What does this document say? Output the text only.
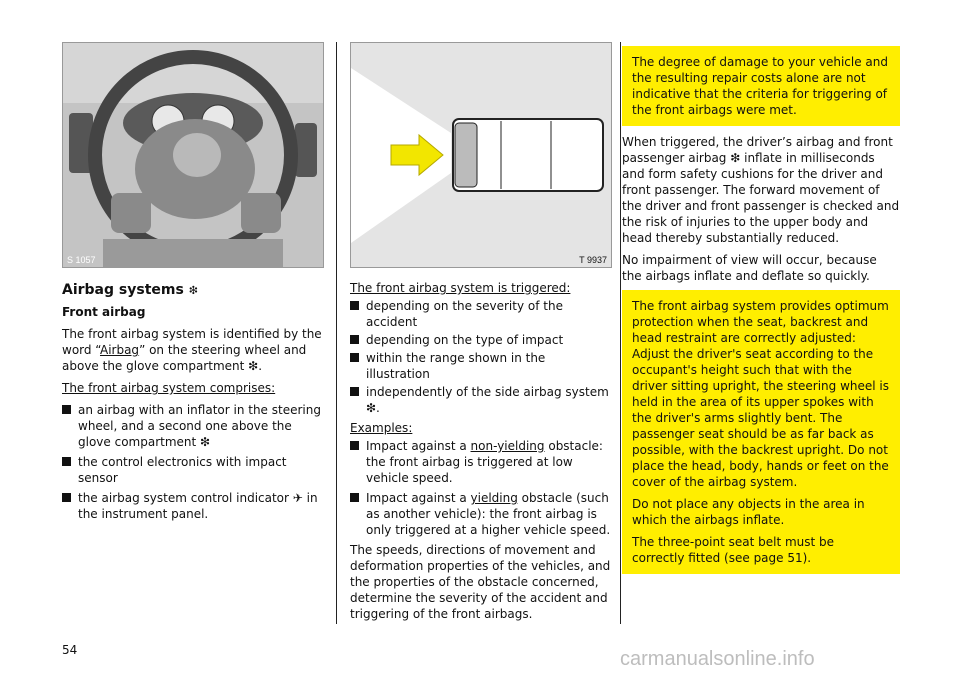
S 1057
Airbag systems ❇
Front airbag
The front airbag system is identified by the word “Airbag” on the steering wheel and above the glove compartment ❇.
The front airbag system comprises:
an airbag with an inflator in the steering wheel, and a second one above the glove compartment ❇
the control electronics with impact sensor
the airbag system control indicator ✈ in the instrument panel.
T 9937
The front airbag system is triggered:
depending on the severity of the accident
depending on the type of impact
within the range shown in the illustration
independently of the side airbag system ❇.
Examples:
Impact against a non-yielding obstacle: the front airbag is triggered at low vehicle speed.
Impact against a yielding obstacle (such as another vehicle): the front airbag is only triggered at a higher vehicle speed.
The speeds, directions of movement and deformation properties of the vehicles, and the properties of the obstacle concerned, determine the severity of the accident and triggering of the front airbags.
The degree of damage to your vehicle and the resulting repair costs alone are not indicative that the criteria for triggering of the front airbags were met.
When triggered, the driver’s airbag and front passenger airbag ❇ inflate in milliseconds and form safety cushions for the driver and front passenger. The forward movement of the driver and front passenger is checked and the risk of injuries to the upper body and head thereby substantially reduced.
No impairment of view will occur, because the airbags inflate and deflate so quickly.
The front airbag system provides optimum protection when the seat, backrest and head restraint are correctly adjusted: Adjust the driver's seat according to the occupant's height such that with the driver sitting upright, the steering wheel is held in the area of its upper spokes with the driver's arms slightly bent. The passenger seat should be as far back as possible, with the backrest upright. Do not place the head, body, hands or feet on the cover of the airbag system.
Do not place any objects in the area in which the airbags inflate.
The three-point seat belt must be correctly fitted (see page 51).
54	carmanualsonline.info
